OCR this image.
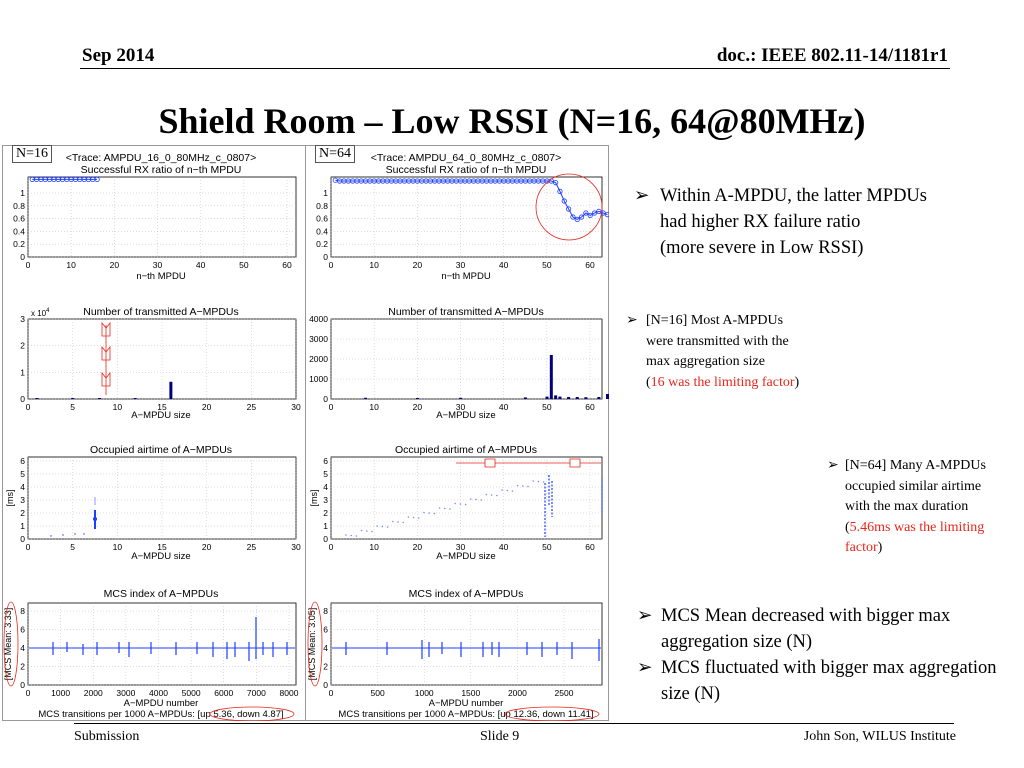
Sep 2014	doc.: IEEE 802.11-14/1181r1
Shield Room – Low RSSI (N=16, 64@80MHz)
<Trace: AMPDU_16_0_80MHz_c_0807>
Successful RX ratio of n−th MPDU
0
0.2
0.4
0.6
0.8
1
0	10	20	30	40	50	60
n−th MPDU
Number of transmitted A−MPDUs
x $10^4$
0
1
2
3
0	5	10	15	20	25	30
A−MPDU size
Occupied airtime of A−MPDUs
0
1
2
3
4
5
6
0	5	10	15	20	25	30
[ms]
A−MPDU size
MCS index of A−MPDUs
0
2
4
6
8
0 1000 2000 3000 4000 5000 6000 7000 8000
[MCS Mean: 3.33]
A−MPDU number
MCS transitions per 1000 A−MPDUs: [up 5.36, down 4.87]
<Trace: AMPDU_64_0_80MHz_c_0807>
Successful RX ratio of n−th MPDU
0
0.2
0.4
0.6
0.8
1
0	10	20	30	40	50	60
n−th MPDU
Number of transmitted A−MPDUs
0
1000
2000
3000
4000
0	10	20	30	40	50	60
A−MPDU size
Occupied airtime of A−MPDUs
0
1
2
3
4
5
6
0	10	20	30	40	50	60
[ms]
A−MPDU size
MCS index of A−MPDUs
0
2
4
6
8
0	500	1000	1500	2000	2500
[MCS Mean: 3.05]
A−MPDU number
MCS transitions per 1000 A−MPDUs: [up 12.36, down 11.41]
N=16	N=64
➢ Within A-MPDU, the latter MPDUs
had higher RX failure ratio
(more severe in Low RSSI)
➢ [N=16] Most A-MPDUs
were transmitted with the
max aggregation size
(16 was the limiting factor)
➢ [N=64] Many A-MPDUs
occupied similar airtime
with the max duration
(5.46ms was the limiting factor)
➢ MCS Mean decreased with bigger max aggregation size (N)
➢ MCS fluctuated with bigger max aggregation size (N)
Submission	Slide 9	John Son, WILUS Institute
